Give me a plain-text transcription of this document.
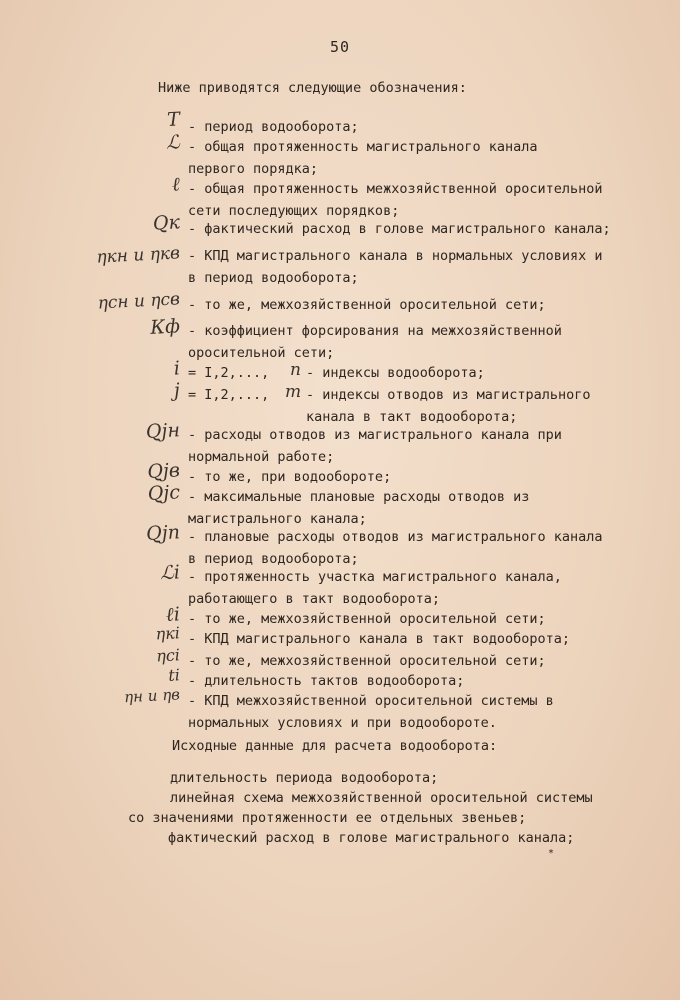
50
Ниже приводятся следующие обозначения:
T - период водооборота;
ℒ - общая протяженность магистрального канала первого порядка;
ℓ - общая протяженность межхозяйственной оросительной сети последующих порядков;
Qк - фактический расход в голове магистрального канала;
ηкн и ηкв - КПД магистрального канала в нормальных условиях и в период водооборота;
ηсн и ηсв - то же, межхозяйственной оросительной сети;
Кф - коэффициент форсирования на межхозяйственной оросительной сети;
i = I,2,..., n - индексы водооборота;
j = I,2,..., m - индексы отводов из магистрального канала в такт водооборота;
Qjн - расходы отводов из магистрального канала при нормальной работе;
Qjв - то же, при водообороте;
Qjc - максимальные плановые расходы отводов из магистрального канала;
Qjп - плановые расходы отводов из магистрального канала в период водооборота;
ℒi - протяженность участка магистрального канала, работающего в такт водооборота;
ℓi - то же, межхозяйственной оросительной сети;
ηкi - КПД магистрального канала в такт водооборота;
ηсi - то же, межхозяйственной оросительной сети;
ti - длительность тактов водооборота;
ηн и ηв - КПД межхозяйственной оросительной системы в нормальных условиях и при водообороте.
Исходные данные для расчета водооборота:
длительность периода водооборота;
линейная схема межхозяйственной оросительной системы
со значениями протяженности ее отдельных звеньев;
фактический расход в голове магистрального канала;
*
